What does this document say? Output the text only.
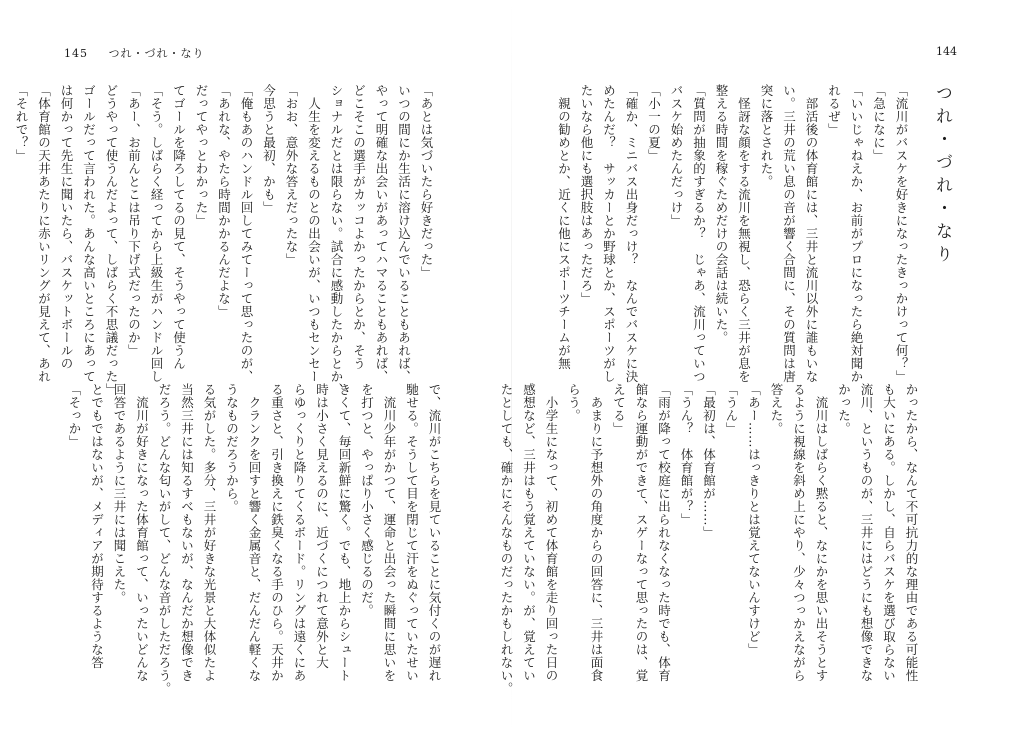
145 つれ・づれ・なり	144
つれ・づれ・なり
「流川がバスケを好きになったきっかけって何？」
「急になに」
「いいじゃねえか、お前がプロになったら絶対聞か
れるぜ」
　部活後の体育館には、三井と流川以外に誰もいな
い。三井の荒い息の音が響く合間に、その質問は唐
突に落とされた。
　怪訝な顔をする流川を無視し、恐らく三井が息を
整える時間を稼ぐためだけの会話は続いた。
「質問が抽象的すぎるか？　じゃあ、流川っていつ
バスケ始めたんだっけ」
「小一の夏」
「確か、ミニバス出身だっけ？　なんでバスケに決
めたんだ？　サッカーとか野球とか、スポーツがし
たいなら他にも選択肢はあっただろ」
　親の勧めとか、近くに他にスポーツチームが無
かったから、なんて不可抗力的な理由である可能性
も大いにある。しかし、自らバスケを選び取らない
流川、というものが、三井にはどうにも想像できな
かった。
　流川はしばらく黙ると、なにかを思い出そうとす
るように視線を斜め上にやり、少々つっかえながら
答えた。
「あー……はっきりとは覚えてないんすけど」
「うん」
「最初は、体育館が……」
「うん？　体育館が？」
「雨が降って校庭に出られなくなった時でも、体育
館なら運動ができて、スゲーなって思ったのは、覚
えてる」
　あまりに予想外の角度からの回答に、三井は面食
らう。
　小学生になって、初めて体育館を走り回った日の
感想など、三井はもう覚えていない。が、覚えてい
たとしても、確かにそんなものだったかもしれない。
「あとは気づいたら好きだった」
いつの間にか生活に溶け込んでいることもあれば、
やって明確な出会いがあってハマることもあれば、
どこそこの選手がカッコよかったからとか、そう
ショナルだとは限らない。試合に感動したからとか、
　人生を変えるものとの出会いが、いつもセンセー
「おお、意外な答えだったな」
今思うと最初、かも」
「俺もあのハンドル回してみてーって思ったのが、
「あれな、やたら時間かかるんだよな」
だってやっとわかった」
てゴールを降ろしてるの見て、そうやって使うん
「そう。しばらく経ってから上級生がハンドル回し
「あー、お前んとこは吊り下げ式だったのか」
どうやって使うんだよって、しばらく不思議だった」
ゴールだって言われた。あんな高いところにあって
は何かって先生に聞いたら、バスケットボールの
「体育館の天井あたりに赤いリングが見えて、あれ
「それで？」
で、流川がこちらを見ていることに気付くのが遅れ
馳せる。そうして目を閉じて汗をぬぐっていたせい
　流川少年がかつて、運命と出会った瞬間に思いを
を打つと、やっぱり小さく感じるのだ。
きくて、毎回新鮮に驚く。でも、地上からシュート
時は小さく見えるのに、近づくにつれて意外と大
らゆっくりと降りてくるボード。リングは遠くにあ
る重さと、引き換えに鉄臭くなる手のひら。天井か
　クランクを回すと響く金属音と、だんだん軽くな
うなものだろうから。
る気がした。多分、三井が好きな光景と大体似たよ
当然三井には知るすべもないが、なんだか想像でき
だろう。どんな匂いがして、どんな音がしただろう。
　流川が好きになった体育館って、いったいどんな
回答であるように三井には聞こえた。
とでもではないが、メディアが期待するような答
「そっか」
